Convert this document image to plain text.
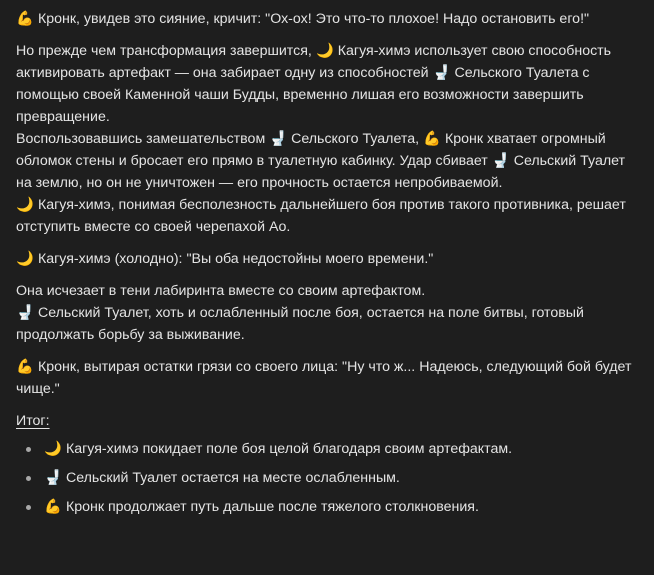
💪 Кронк, увидев это сияние, кричит: "Ох-ох! Это что-то плохое! Надо остановить его!"

Но прежде чем трансформация завершится, 🌙 Кагуя-химэ использует свою способность активировать артефакт — она забирает одну из способностей 🚽 Сельского Туалета с помощью своей Каменной чаши Будды, временно лишая его возможности завершить превращение.
Воспользовавшись замешательством 🚽 Сельского Туалета, 💪 Кронк хватает огромный обломок стены и бросает его прямо в туалетную кабинку. Удар сбивает 🚽 Сельский Туалет на землю, но он не уничтожен — его прочность остается непробиваемой.
🌙 Кагуя-химэ, понимая бесполезность дальнейшего боя против такого противника, решает отступить вместе со своей черепахой Ао.

🌙 Кагуя-химэ (холодно): "Вы оба недостойны моего времени."

Она исчезает в тени лабиринта вместе со своим артефактом.
🚽 Сельский Туалет, хоть и ослабленный после боя, остается на поле битвы, готовый продолжать борьбу за выживание.

💪 Кронк, вытирая остатки грязи со своего лица: "Ну что ж... Надеюсь, следующий бой будет чище."

Итог:
🌙 Кагуя-химэ покидает поле боя целой благодаря своим артефактам.
🚽 Сельский Туалет остается на месте ослабленным.
💪 Кронк продолжает путь дальше после тяжелого столкновения.
